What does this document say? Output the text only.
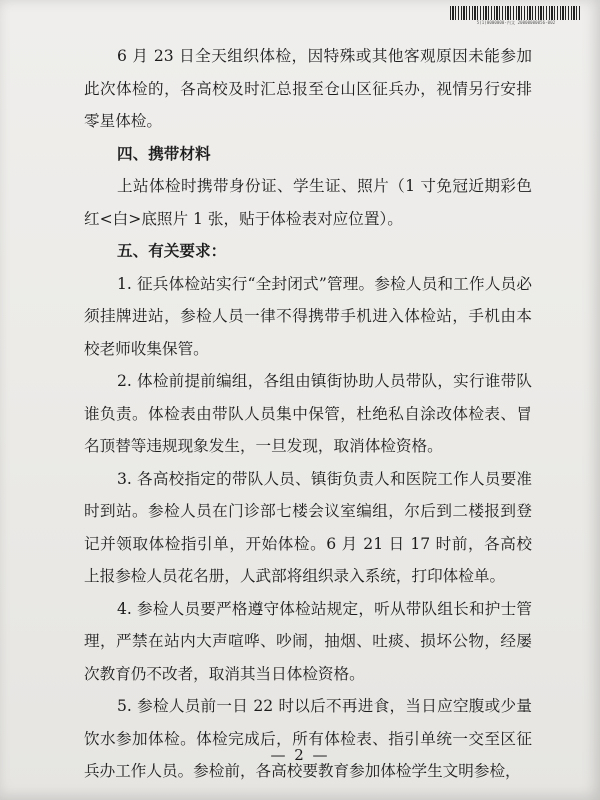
5(1)0000000-内文 20000000056-002

6 月 23 日全天组织体检，因特殊或其他客观原因未能参加此次体检的，各高校及时汇总报至仓山区征兵办，视情另行安排零星体检。

四、携带材料

上站体检时携带身份证、学生证、照片（1 寸免冠近期彩色红<白>底照片 1 张，贴于体检表对应位置）。

五、有关要求：

1. 征兵体检站实行“全封闭式”管理。参检人员和工作人员必须挂牌进站，参检人员一律不得携带手机进入体检站，手机由本校老师收集保管。

2. 体检前提前编组，各组由镇街协助人员带队，实行谁带队谁负责。体检表由带队人员集中保管，杜绝私自涂改体检表、冒名顶替等违规现象发生，一旦发现，取消体检资格。

3. 各高校指定的带队人员、镇街负责人和医院工作人员要准时到站。参检人员在门诊部七楼会议室编组，尔后到二楼报到登记并领取体检指引单，开始体检。6 月 21 日 17 时前，各高校上报参检人员花名册，人武部将组织录入系统，打印体检单。

4. 参检人员要严格遵守体检站规定，听从带队组长和护士管理，严禁在站内大声喧哗、吵闹，抽烟、吐痰、损坏公物，经屡次教育仍不改者，取消其当日体检资格。

5. 参检人员前一日 22 时以后不再进食，当日应空腹或少量饮水参加体检。体检完成后，所有体检表、指引单统一交至区征兵办工作人员。参检前，各高校要教育参加体检学生文明参检，

— 2 —
